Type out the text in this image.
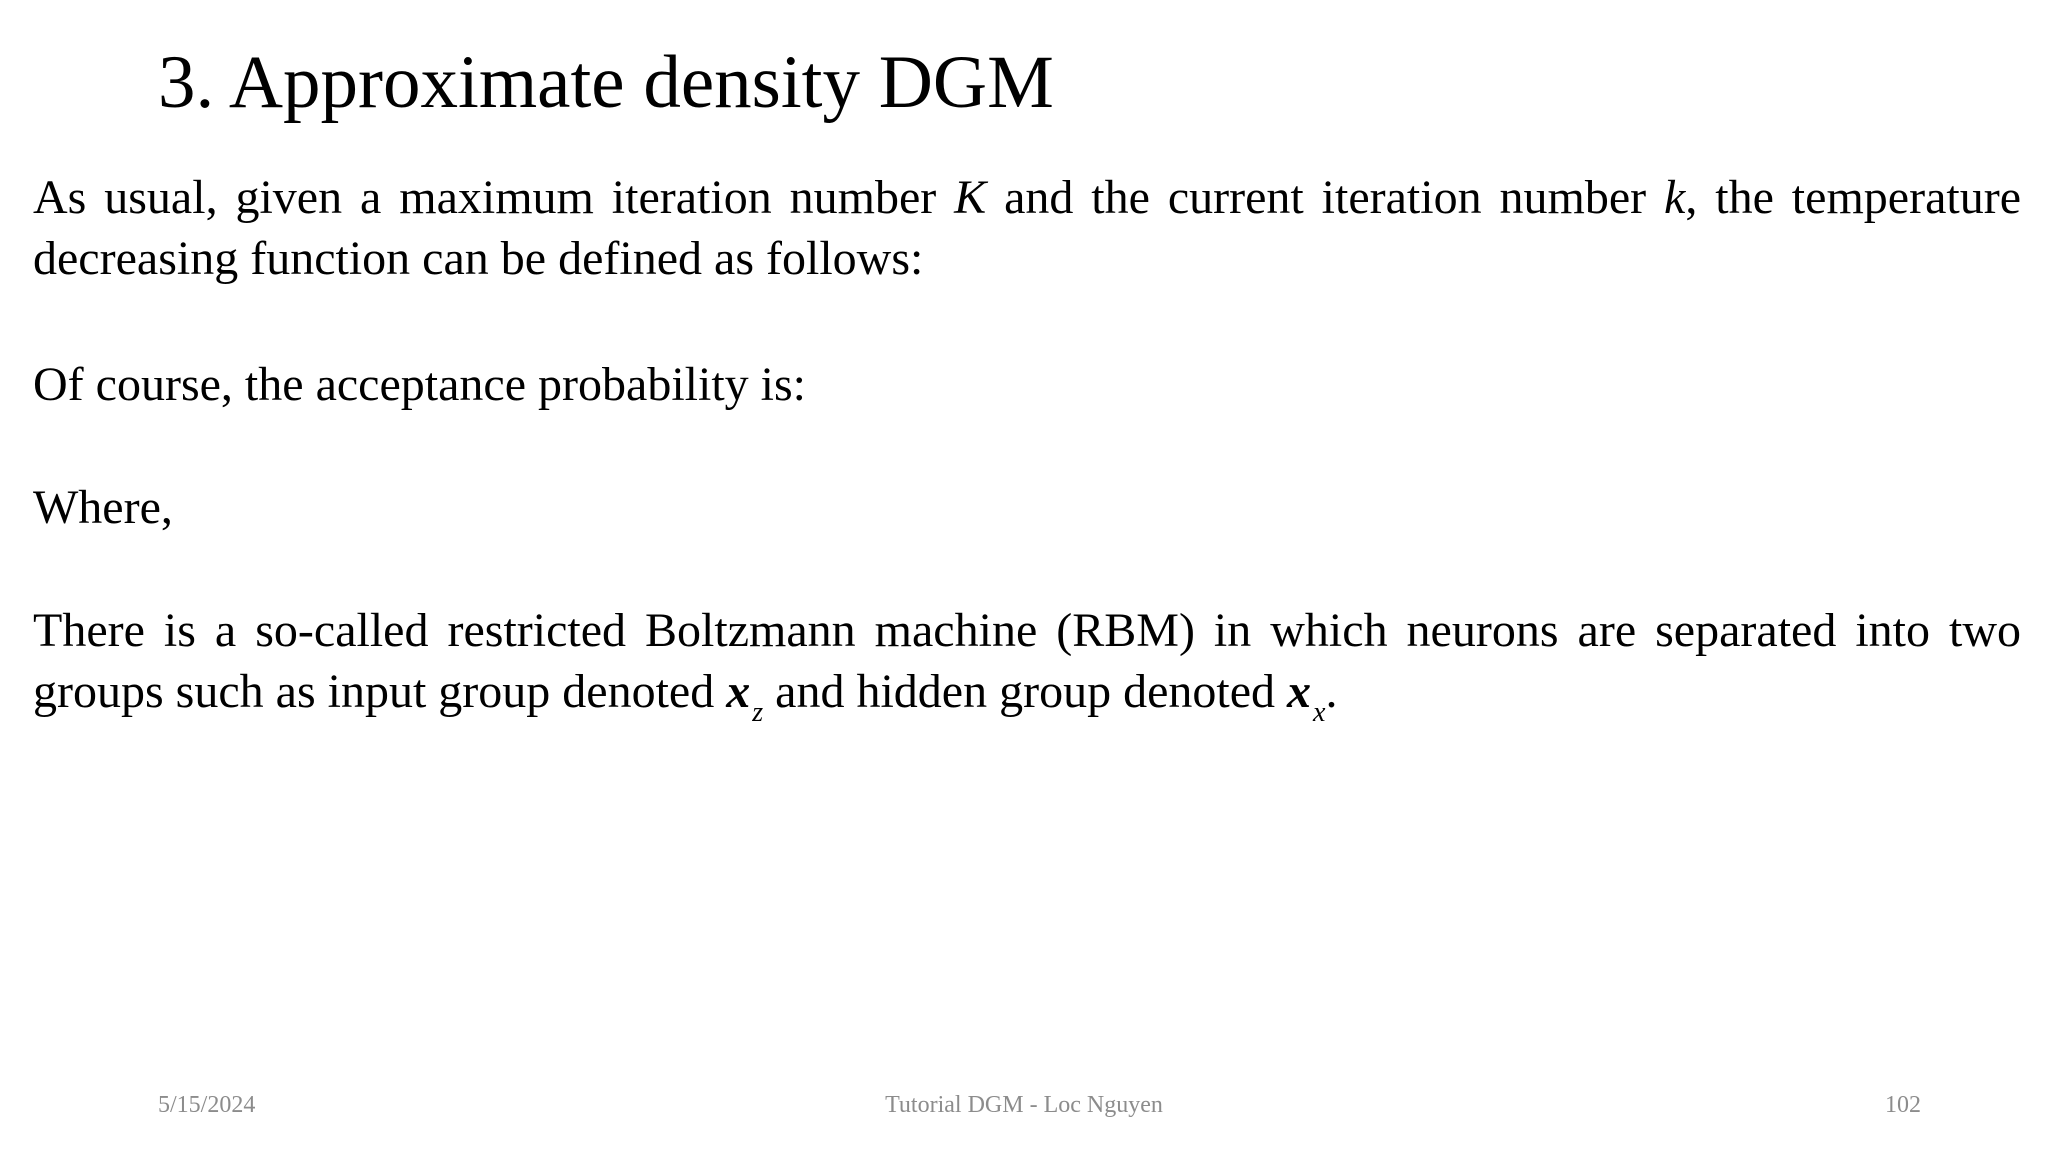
3. Approximate density DGM

As usual, given a maximum iteration number K and the current iteration number k, the temperature decreasing function can be defined as follows:

Of course, the acceptance probability is:

Where,

There is a so-called restricted Boltzmann machine (RBM) in which neurons are separated into two groups such as input group denoted $x_z$ and hidden group denoted $x_x$.

5/15/2024	Tutorial DGM - Loc Nguyen	102
